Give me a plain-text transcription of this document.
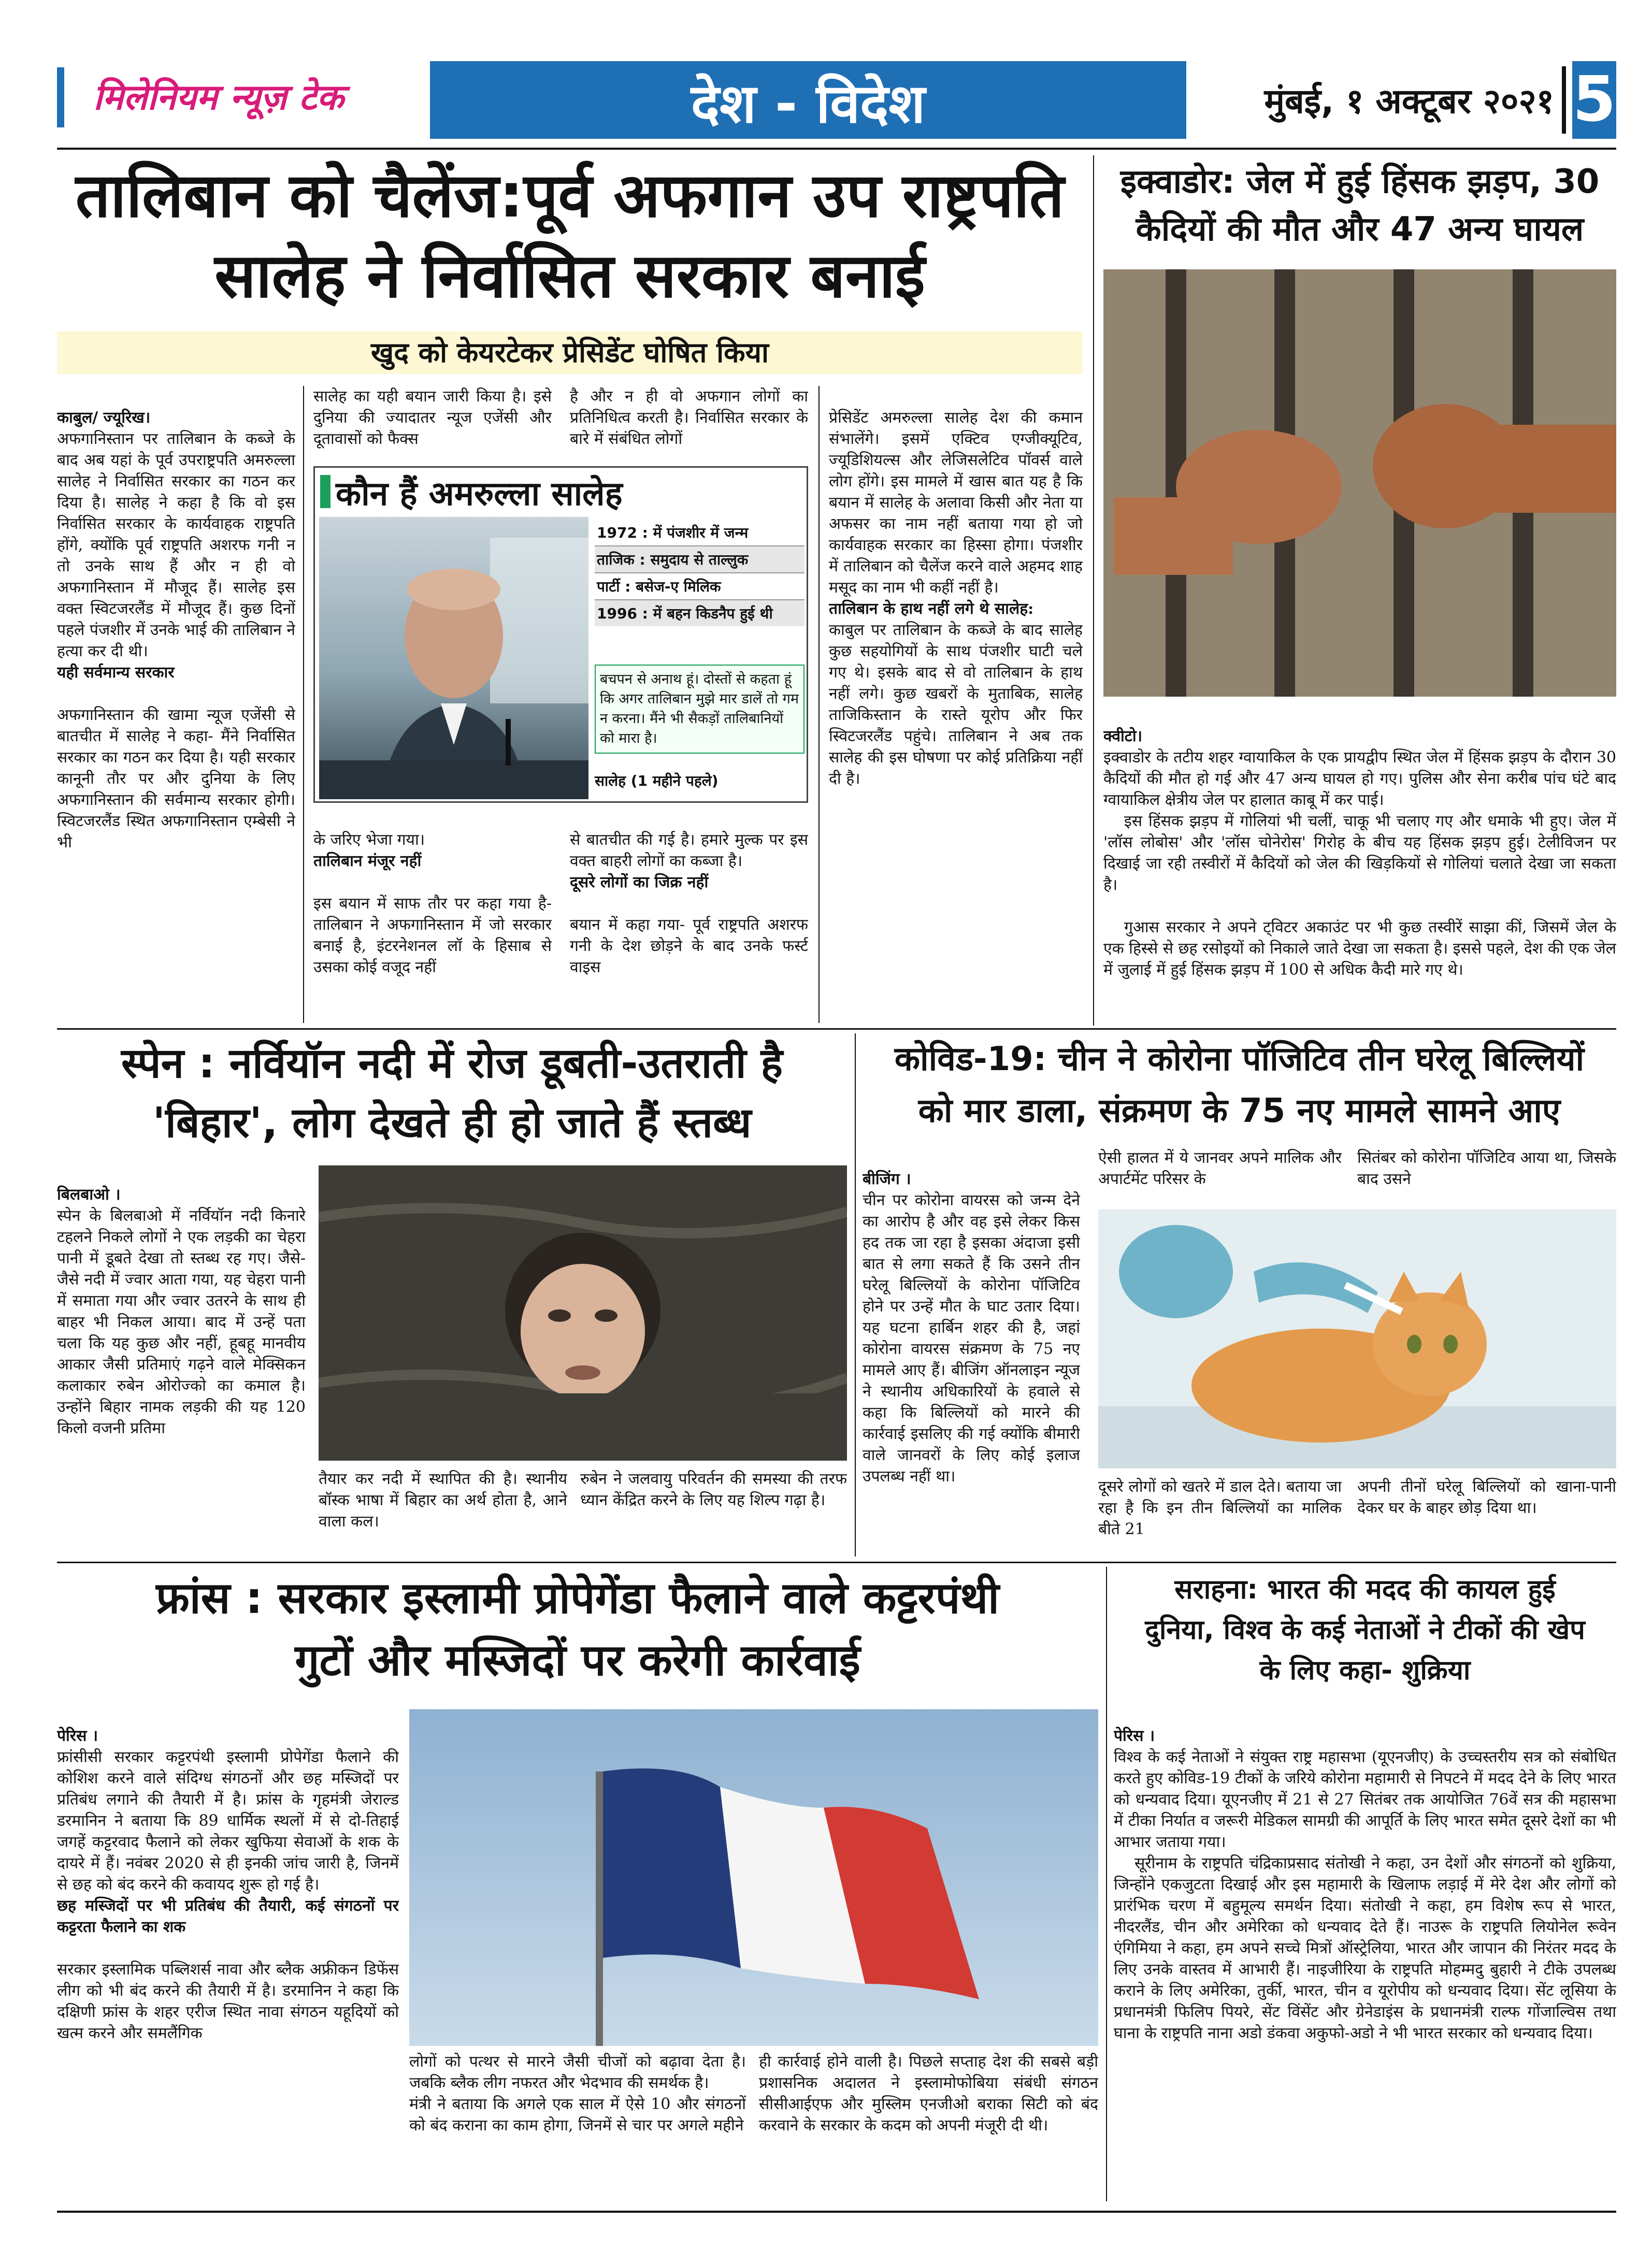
मिलेनियम न्यूज़ टेक	देश - विदेश	मुंबई, १ अक्टूबर २०२१ 5
तालिबान को चैलेंज:पूर्व अफगान उप राष्ट्रपति
सालेह ने निर्वासित सरकार बनाई
खुद को केयरटेकर प्रेसिडेंट घोषित किया

काबुल/ ज्यूरिख।
अफगानिस्तान पर तालिबान के कब्जे के बाद अब यहां के पूर्व उपराष्ट्रपति अमरुल्ला सालेह ने निर्वासित सरकार का गठन कर दिया है। सालेह ने कहा है कि वो इस निर्वासित सरकार के कार्यवाहक राष्ट्रपति होंगे, क्योंकि पूर्व राष्ट्रपति अशरफ गनी न तो उनके साथ हैं और न ही वो अफगानिस्तान में मौजूद हैं। सालेह इस वक्त स्विटजरलैंड में मौजूद हैं। कुछ दिनों पहले पंजशीर में उनके भाई की तालिबान ने हत्या कर दी थी।

यही सर्वमान्य सरकार

अफगानिस्तान की खामा न्यूज एजेंसी से बातचीत में सालेह ने कहा- मैंने निर्वासित सरकार का गठन कर दिया है। यही सरकार कानूनी तौर पर और दुनिया के लिए अफगानिस्तान की सर्वमान्य सरकार होगी। स्विटजरलैंड स्थित अफगानिस्तान एम्बेसी ने भी

सालेह का यही बयान जारी किया है। इसे दुनिया की ज्यादातर न्यूज एजेंसी और दूतावासों को फैक्स
है और न ही वो अफगान लोगों का प्रतिनिधित्व करती है। निर्वासित सरकार के बारे में संबंधित लोगों
कौन हैं अमरुल्ला सालेह
1972 : में पंजशीर में जन्म
ताजिक : समुदाय से ताल्लुक
पार्टी : बसेज-ए मिलिक
1996 : में बहन किडनैप हुई थी
बचपन से अनाथ हूं। दोस्तों से कहता हूं कि अगर तालिबान मुझे मार डालें तो गम न करना। मैंने भी सैकड़ों तालिबानियों को मारा है।
सालेह (1 महीने पहले)

के जरिए भेजा गया।

तालिबान मंजूर नहीं

इस बयान में साफ तौर पर कहा गया है- तालिबान ने अफगानिस्तान में जो सरकार बनाई है, इंटरनेशनल लॉ के हिसाब से उसका कोई वजूद नहीं

से बातचीत की गई है। हमारे मुल्क पर इस वक्त बाहरी लोगों का कब्जा है।

दूसरे लोगों का जिक्र नहीं

बयान में कहा गया- पूर्व राष्ट्रपति अशरफ गनी के देश छोड़ने के बाद उनके फर्स्ट वाइस

प्रेसिडेंट अमरुल्ला सालेह देश की कमान संभालेंगे। इसमें एक्टिव एग्जीक्यूटिव, ज्यूडिशियल्स और लेजिसलेटिव पॉवर्स वाले लोग होंगे। इस मामले में खास बात यह है कि बयान में सालेह के अलावा किसी और नेता या अफसर का नाम नहीं बताया गया हो जो कार्यवाहक सरकार का हिस्सा होगा। पंजशीर में तालिबान को चैलेंज करने वाले अहमद शाह मसूद का नाम भी कहीं नहीं है।
तालिबान के हाथ नहीं लगे थे सालेह:
काबुल पर तालिबान के कब्जे के बाद सालेह कुछ सहयोगियों के साथ पंजशीर घाटी चले गए थे। इसके बाद से वो तालिबान के हाथ नहीं लगे। कुछ खबरों के मुताबिक, सालेह ताजिकिस्तान के रास्ते यूरोप और फिर स्विटजरलैंड पहुंचे। तालिबान ने अब तक सालेह की इस घोषणा पर कोई प्रतिक्रिया नहीं दी है।

इक्वाडोर: जेल में हुई हिंसक झड़प, 30
कैदियों की मौत और 47 अन्य घायल

क्वीटो।
इक्वाडोर के तटीय शहर ग्वायाकिल के एक प्रायद्वीप स्थित जेल में हिंसक झड़प के दौरान 30 कैदियों की मौत हो गई और 47 अन्य घायल हो गए। पुलिस और सेना करीब पांच घंटे बाद ग्वायाकिल क्षेत्रीय जेल पर हालात काबू में कर पाई।

इस हिंसक झड़प में गोलियां भी चलीं, चाकू भी चलाए गए और धमाके भी हुए। जेल में 'लॉस लोबोस' और 'लॉस चोनेरोस' गिरोह के बीच यह हिंसक झड़प हुई। टेलीविजन पर दिखाई जा रही तस्वीरों में कैदियों को जेल की खिड़कियों से गोलियां चलाते देखा जा सकता है।

गुआस सरकार ने अपने ट्विटर अकाउंट पर भी कुछ तस्वीरें साझा कीं, जिसमें जेल के एक हिस्से से छह रसोइयों को निकाले जाते देखा जा सकता है। इससे पहले, देश की एक जेल में जुलाई में हुई हिंसक झड़प में 100 से अधिक कैदी मारे गए थे।

स्पेन : नर्वियॉन नदी में रोज डूबती-उतराती है
'बिहार', लोग देखते ही हो जाते हैं स्तब्ध

बिलबाओ ।
स्पेन के बिलबाओ में नर्वियॉन नदी किनारे टहलने निकले लोगों ने एक लड़की का चेहरा पानी में डूबते देखा तो स्तब्ध रह गए। जैसे-जैसे नदी में ज्वार आता गया, यह चेहरा पानी में समाता गया और ज्वार उतरने के साथ ही बाहर भी निकल आया। बाद में उन्हें पता चला कि यह कुछ और नहीं, हूबहू मानवीय आकार जैसी प्रतिमाएं गढ़ने वाले मेक्सिकन कलाकार रुबेन ओरोज्को का कमाल है। उन्होंने बिहार नामक लड़की की यह 120 किलो वजनी प्रतिमा

तैयार कर नदी में स्थापित की है। स्थानीय बॉस्क भाषा में बिहार का अर्थ होता है, आने वाला कल।
रुबेन ने जलवायु परिवर्तन की समस्या की तरफ ध्यान केंद्रित करने के लिए यह शिल्प गढ़ा है।
कोविड-19: चीन ने कोरोना पॉजिटिव तीन घरेलू बिल्लियों
को मार डाला, संक्रमण के 75 नए मामले सामने आए

बीजिंग ।
चीन पर कोरोना वायरस को जन्म देने का आरोप है और वह इसे लेकर किस हद तक जा रहा है इसका अंदाजा इसी बात से लगा सकते हैं कि उसने तीन घरेलू बिल्लियों के कोरोना पॉजिटिव होने पर उन्हें मौत के घाट उतार दिया। यह घटना हार्बिन शहर की है, जहां कोरोना वायरस संक्रमण के 75 नए मामले आए हैं। बीजिंग ऑनलाइन न्यूज ने स्थानीय अधिकारियों के हवाले से कहा कि बिल्लियों को मारने की कार्रवाई इसलिए की गई क्योंकि बीमारी वाले जानवरों के लिए कोई इलाज उपलब्ध नहीं था।

ऐसी हालत में ये जानवर अपने मालिक और अपार्टमेंट परिसर के
सितंबर को कोरोना पॉजिटिव आया था, जिसके बाद उसने
दूसरे लोगों को खतरे में डाल देते। बताया जा रहा है कि इन तीन बिल्लियों का मालिक बीते 21
अपनी तीनों घरेलू बिल्लियों को खाना-पानी देकर घर के बाहर छोड़ दिया था।
फ्रांस : सरकार इस्लामी प्रोपेगेंडा फैलाने वाले कट्टरपंथी
गुटों और मस्जिदों पर करेगी कार्रवाई

पेरिस ।
फ्रांसीसी सरकार कट्टरपंथी इस्लामी प्रोपेगेंडा फैलाने की कोशिश करने वाले संदिग्ध संगठनों और छह मस्जिदों पर प्रतिबंध लगाने की तैयारी में है। फ्रांस के गृहमंत्री जेराल्ड डरमानिन ने बताया कि 89 धार्मिक स्थलों में से दो-तिहाई जगहें कट्टरवाद फैलाने को लेकर खुफिया सेवाओं के शक के दायरे में हैं। नवंबर 2020 से ही इनकी जांच जारी है, जिनमें से छह को बंद करने की कवायद शुरू हो गई है।

छह मस्जिदों पर भी प्रतिबंध की तैयारी, कई संगठनों पर कट्टरता फैलाने का शक

सरकार इस्लामिक पब्लिशर्स नावा और ब्लैक अफ्रीकन डिफेंस लीग को भी बंद करने की तैयारी में है। डरमानिन ने कहा कि दक्षिणी फ्रांस के शहर एरीज स्थित नावा संगठन यहूदियों को खत्म करने और समलैंगिक

लोगों को पत्थर से मारने जैसी चीजों को बढ़ावा देता है। जबकि ब्लैक लीग नफरत और भेदभाव की समर्थक है।
मंत्री ने बताया कि अगले एक साल में ऐसे 10 और संगठनों को बंद कराना का काम होगा, जिनमें से चार पर अगले महीने
ही कार्रवाई होने वाली है। पिछले सप्ताह देश की सबसे बड़ी प्रशासनिक अदालत ने इस्लामोफोबिया संबंधी संगठन सीसीआईएफ और मुस्लिम एनजीओ बराका सिटी को बंद करवाने के सरकार के कदम को अपनी मंजूरी दी थी।
सराहना: भारत की मदद की कायल हुई
दुनिया, विश्व के कई नेताओं ने टीकों की खेप
के लिए कहा- शुक्रिया

पेरिस ।
विश्व के कई नेताओं ने संयुक्त राष्ट्र महासभा (यूएनजीए) के उच्चस्तरीय सत्र को संबोधित करते हुए कोविड-19 टीकों के जरिये कोरोना महामारी से निपटने में मदद देने के लिए भारत को धन्यवाद दिया। यूएनजीए में 21 से 27 सितंबर तक आयोजित 76वें सत्र की महासभा में टीका निर्यात व जरूरी मेडिकल सामग्री की आपूर्ति के लिए भारत समेत दूसरे देशों का भी आभार जताया गया।

सूरीनाम के राष्ट्रपति चंद्रिकाप्रसाद संतोखी ने कहा, उन देशों और संगठनों को शुक्रिया, जिन्होंने एकजुटता दिखाई और इस महामारी के खिलाफ लड़ाई में मेरे देश और लोगों को प्रारंभिक चरण में बहुमूल्य समर्थन दिया। संतोखी ने कहा, हम विशेष रूप से भारत, नीदरलैंड, चीन और अमेरिका को धन्यवाद देते हैं। नाउरू के राष्ट्रपति लियोनेल रूवेन एंगिमिया ने कहा, हम अपने सच्चे मित्रों ऑस्ट्रेलिया, भारत और जापान की निरंतर मदद के लिए उनके वास्तव में आभारी हैं। नाइजीरिया के राष्ट्रपति मोहम्मदु बुहारी ने टीके उपलब्ध कराने के लिए अमेरिका, तुर्की, भारत, चीन व यूरोपीय को धन्यवाद दिया। सेंट लूसिया के प्रधानमंत्री फिलिप पियरे, सेंट विंसेंट और ग्रेनेडाइंस के प्रधानमंत्री राल्फ गोंजाल्विस तथा घाना के राष्ट्रपति नाना अडो डंकवा अकुफो-अडो ने भी भारत सरकार को धन्यवाद दिया।
